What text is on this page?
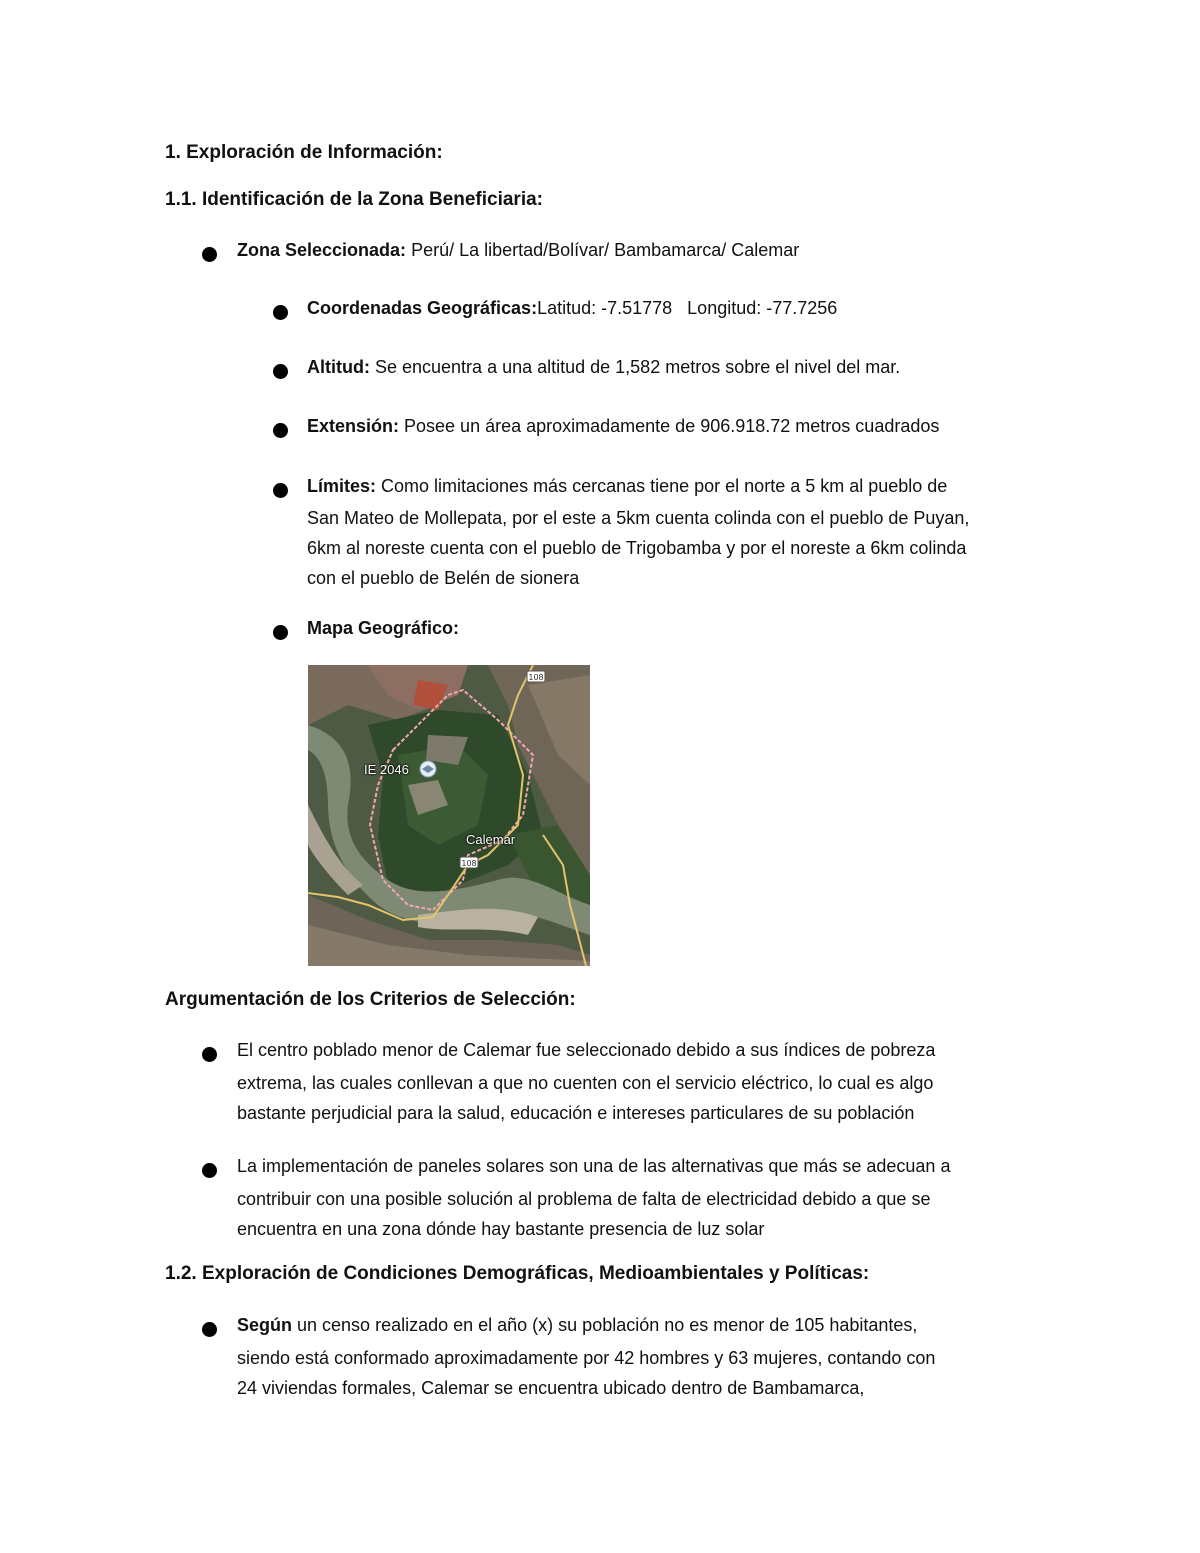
1. Exploración de Información:
1.1. Identificación de la Zona Beneficiaria:
Zona Seleccionada: Perú/ La libertad/Bolívar/ Bambamarca/ Calemar
Coordenadas Geográficas:Latitud: -7.51778   Longitud: -77.7256
Altitud: Se encuentra a una altitud de 1,582 metros sobre el nivel del mar.
Extensión: Posee un área aproximadamente de 906.918.72 metros cuadrados
Límites: Como limitaciones más cercanas tiene por el norte a 5 km al pueblo de
San Mateo de Mollepata, por el este a 5km cuenta colinda con el pueblo de Puyan,
6km al noreste cuenta con el pueblo de Trigobamba y por el noreste a 6km colinda
con el pueblo de Belén de sionera
Mapa Geográfico:
108
108
IE 2046
Calemar
Argumentación de los Criterios de Selección:
El centro poblado menor de Calemar fue seleccionado debido a sus índices de pobreza
extrema, las cuales conllevan a que no cuenten con el servicio eléctrico, lo cual es algo
bastante perjudicial para la salud, educación e intereses particulares de su población
La implementación de paneles solares son una de las alternativas que más se adecuan a
contribuir con una posible solución al problema de falta de electricidad debido a que se
encuentra en una zona dónde hay bastante presencia de luz solar
1.2. Exploración de Condiciones Demográficas, Medioambientales y Políticas:
Según un censo realizado en el año (x) su población no es menor de 105 habitantes,
siendo está conformado aproximadamente por 42 hombres y 63 mujeres, contando con
24 viviendas formales, Calemar se encuentra ubicado dentro de Bambamarca,
